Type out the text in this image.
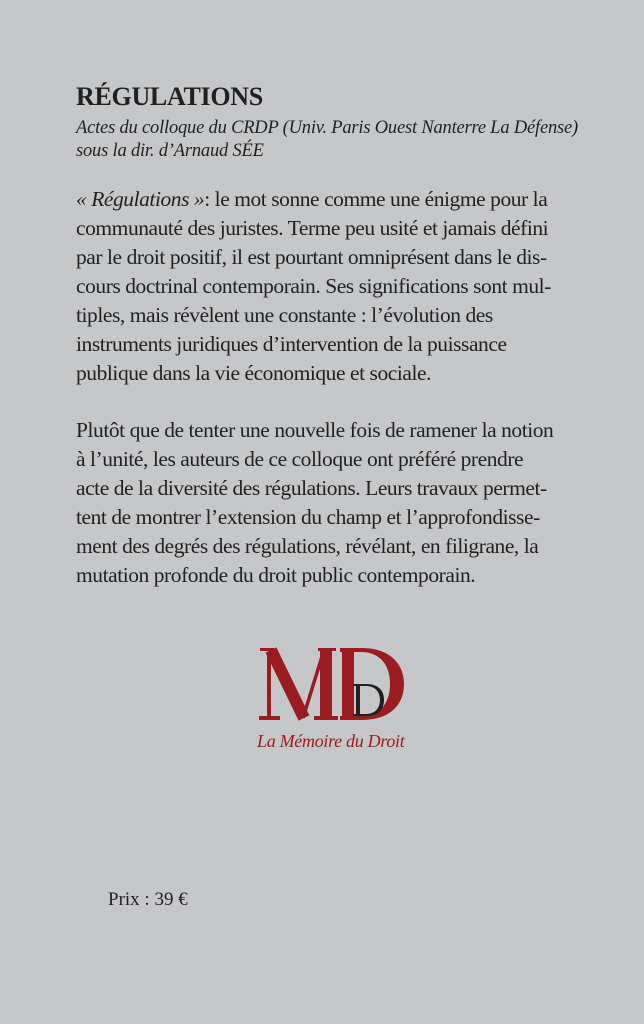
RÉGULATIONS
Actes du colloque du CRDP (Univ. Paris Ouest Nanterre La Défense)
sous la dir. d’Arnaud SÉE
« Régulations »: le mot sonne comme une énigme pour la
communauté des juristes. Terme peu usité et jamais défini
par le droit positif, il est pourtant omniprésent dans le dis-
cours doctrinal contemporain. Ses significations sont mul-
tiples, mais révèlent une constante : l’évolution des
instruments juridiques d’intervention de la puissance
publique dans la vie économique et sociale.
Plutôt que de tenter une nouvelle fois de ramener la notion
à l’unité, les auteurs de ce colloque ont préféré prendre
acte de la diversité des régulations. Leurs travaux permet-
tent de montrer l’extension du champ et l’approfondisse-
ment des degrés des régulations, révélant, en filigrane, la
mutation profonde du droit public contemporain.
La Mémoire du Droit
Prix : 39 €
